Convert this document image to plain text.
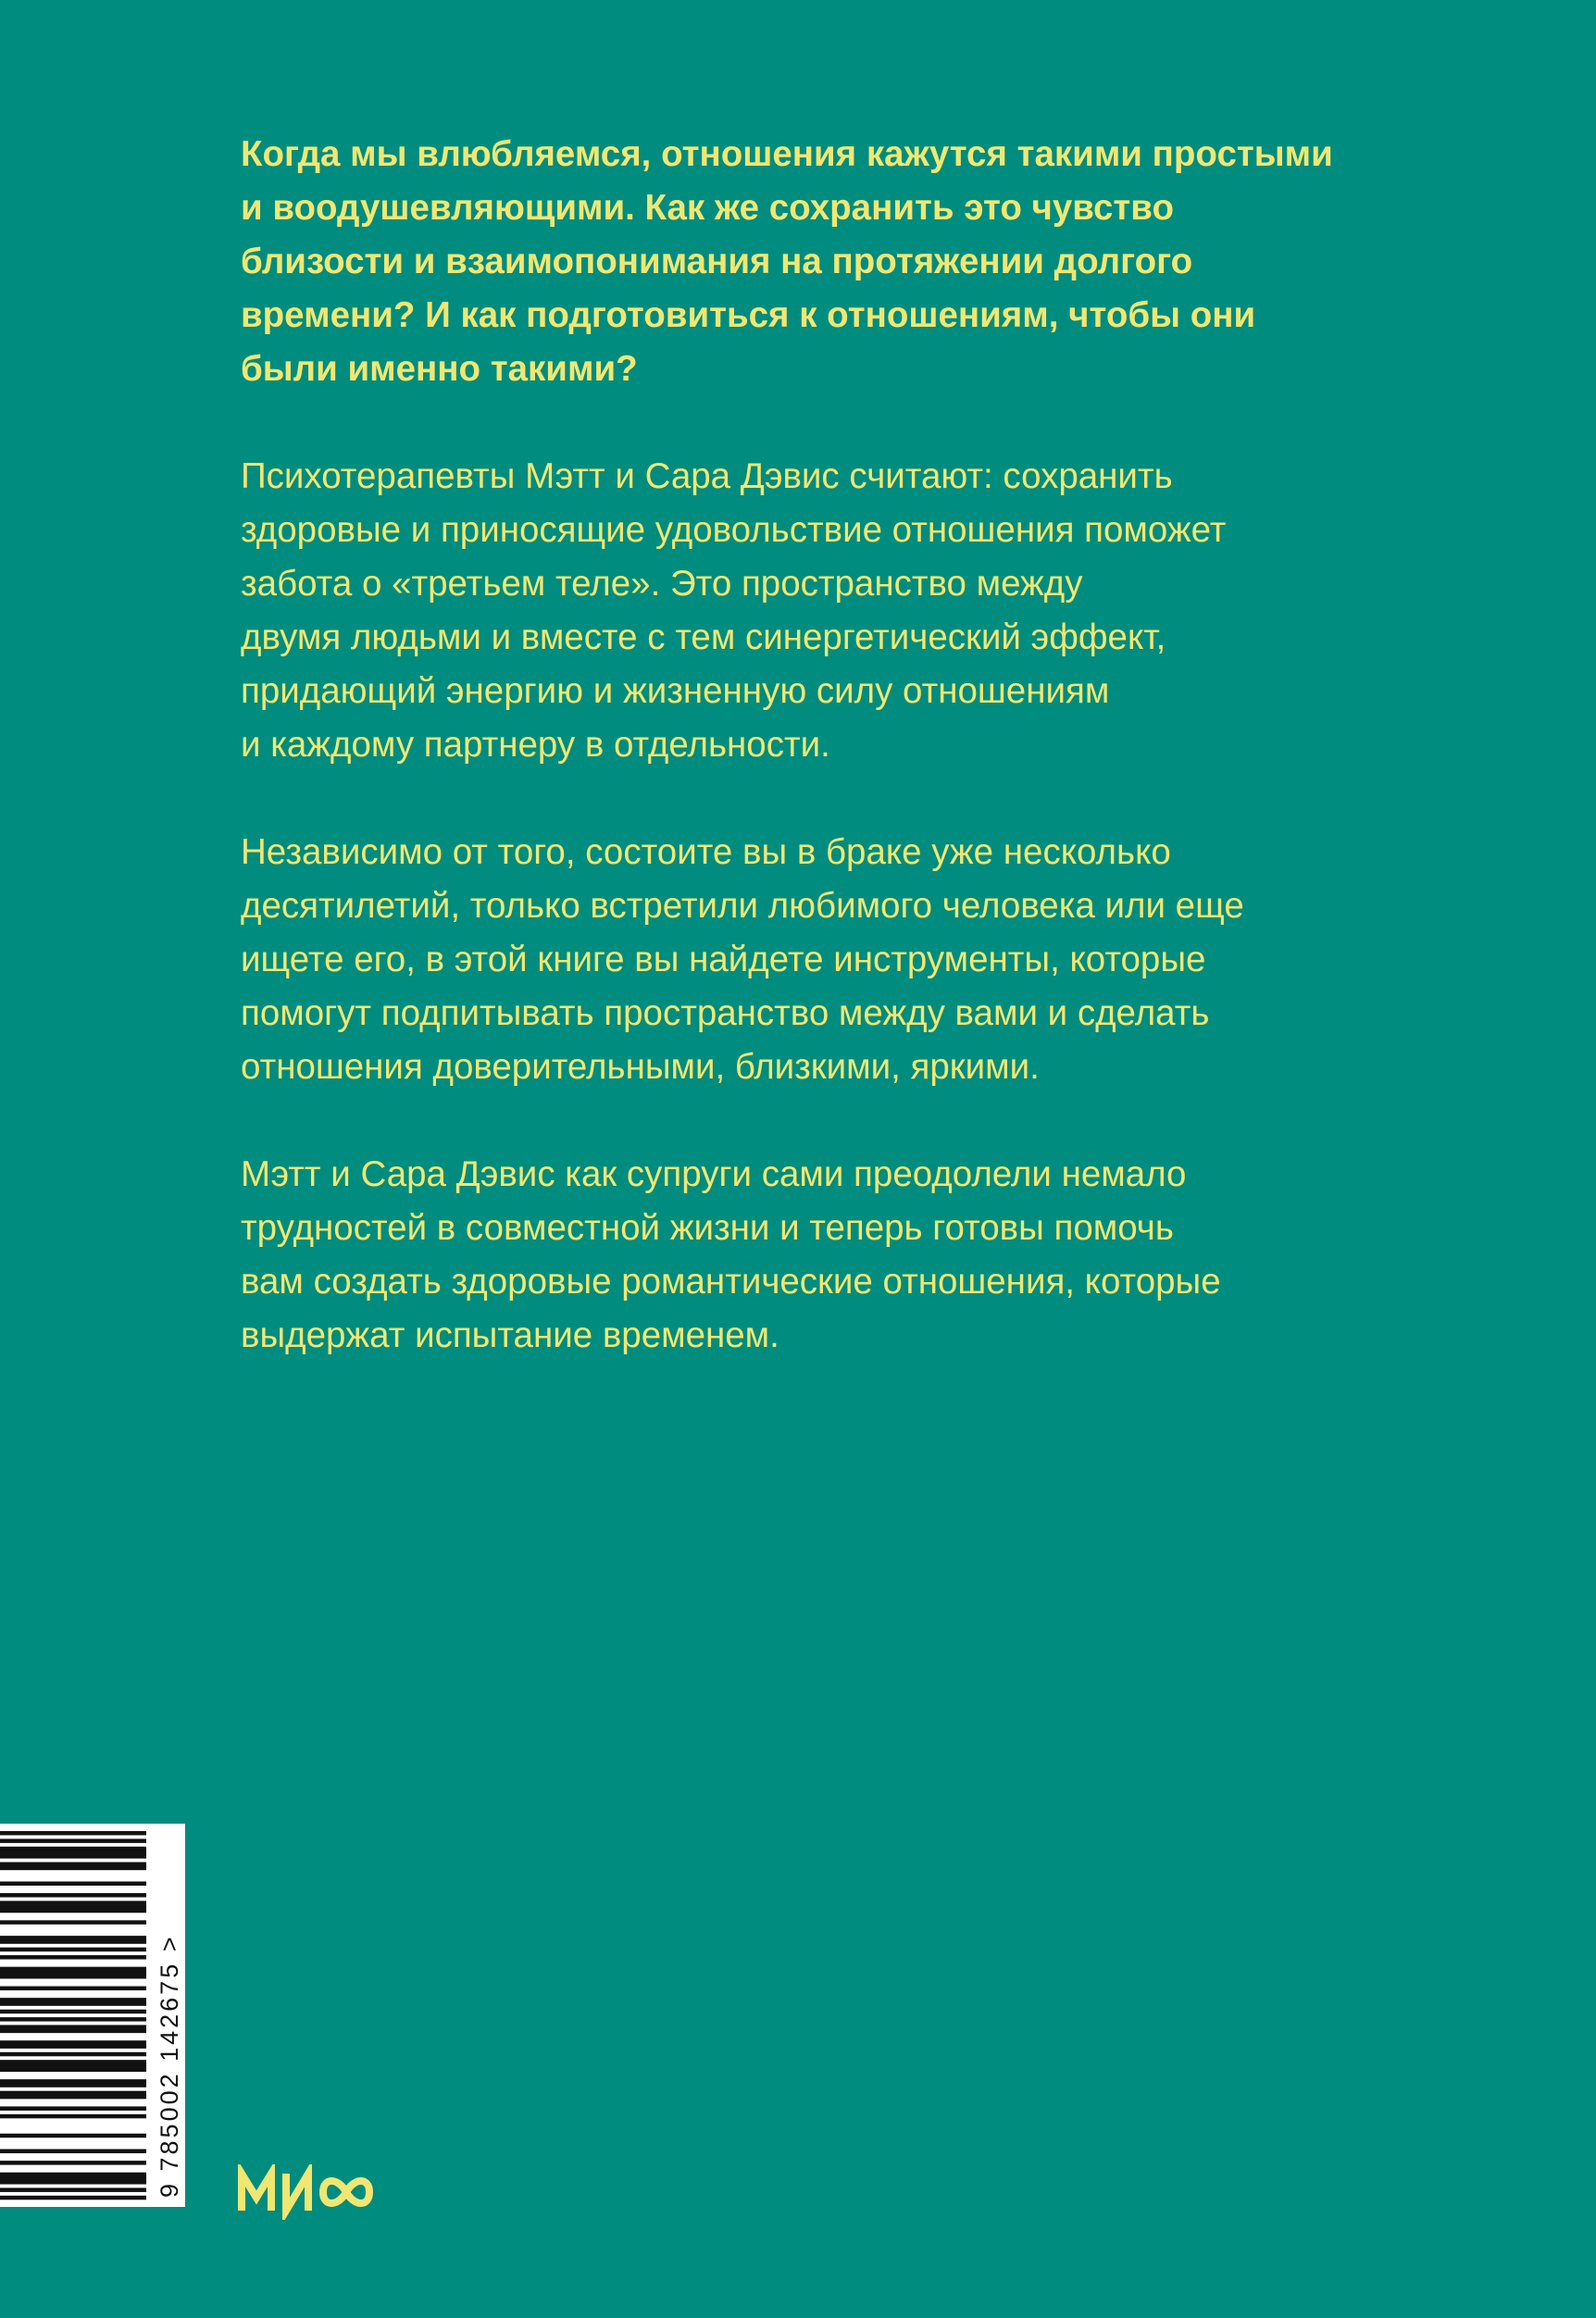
Когда мы влюбляемся, отношения кажутся такими простыми
и воодушевляющими. Как же сохранить это чувство
близости и взаимопонимания на протяжении долгого
времени? И как подготовиться к отношениям, чтобы они
были именно такими?
Психотерапевты Мэтт и Сара Дэвис считают: сохранить
здоровые и приносящие удовольствие отношения поможет
забота о «третьем теле». Это пространство между
двумя людьми и вместе с тем синергетический эффект,
придающий энергию и жизненную силу отношениям
и каждому партнеру в отдельности.
Независимо от того, состоите вы в браке уже несколько
десятилетий, только встретили любимого человека или еще
ищете его, в этой книге вы найдете инструменты, которые
помогут подпитывать пространство между вами и сделать
отношения доверительными, близкими, яркими.
Мэтт и Сара Дэвис как супруги сами преодолели немало
трудностей в совместной жизни и теперь готовы помочь
вам создать здоровые романтические отношения, которые
выдержат испытание временем.
9 785002 142675 >
